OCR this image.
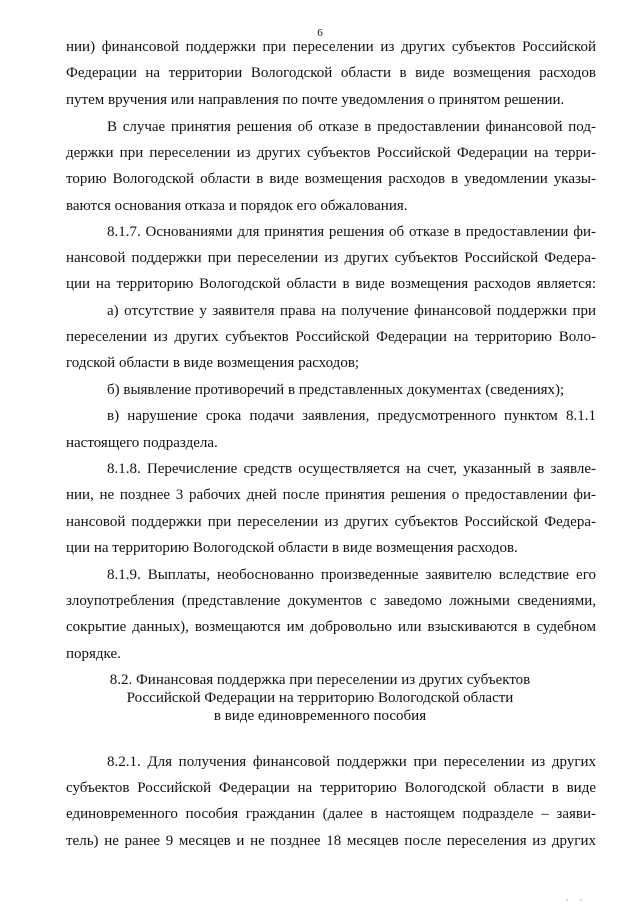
6
нии) финансовой поддержки при переселении из других субъектов Российской
Федерации на территории Вологодской области в виде возмещения расходов
путем вручения или направления по почте уведомления о принятом решении.
В случае принятия решения об отказе в предоставлении финансовой под-
держки при переселении из других субъектов Российской Федерации на терри-
торию Вологодской области в виде возмещения расходов в уведомлении указы-
ваются основания отказа и порядок его обжалования.
8.1.7. Основаниями для принятия решения об отказе в предоставлении фи-
нансовой поддержки при переселении из других субъектов Российской Федера-
ции на территорию Вологодской области в виде возмещения расходов является:
а) отсутствие у заявителя права на получение финансовой поддержки при
переселении из других субъектов Российской Федерации на территорию Воло-
годской области в виде возмещения расходов;
б) выявление противоречий в представленных документах (сведениях);
в) нарушение срока подачи заявления, предусмотренного пунктом 8.1.1
настоящего подраздела.
8.1.8. Перечисление средств осуществляется на счет, указанный в заявле-
нии, не позднее 3 рабочих дней после принятия решения о предоставлении фи-
нансовой поддержки при переселении из других субъектов Российской Федера-
ции на территорию Вологодской области в виде возмещения расходов.
8.1.9. Выплаты, необоснованно произведенные заявителю вследствие его
злоупотребления (представление документов с заведомо ложными сведениями,
сокрытие данных), возмещаются им добровольно или взыскиваются в судебном
порядке.
8.2. Финансовая поддержка при переселении из других субъектов
Российской Федерации на территорию Вологодской области
в виде единовременного пособия
8.2.1. Для получения финансовой поддержки при переселении из других
субъектов Российской Федерации на территорию Вологодской области в виде
единовременного пособия гражданин (далее в настоящем подразделе – заяви-
тель) не ранее 9 месяцев и не позднее 18 месяцев после переселения из других
